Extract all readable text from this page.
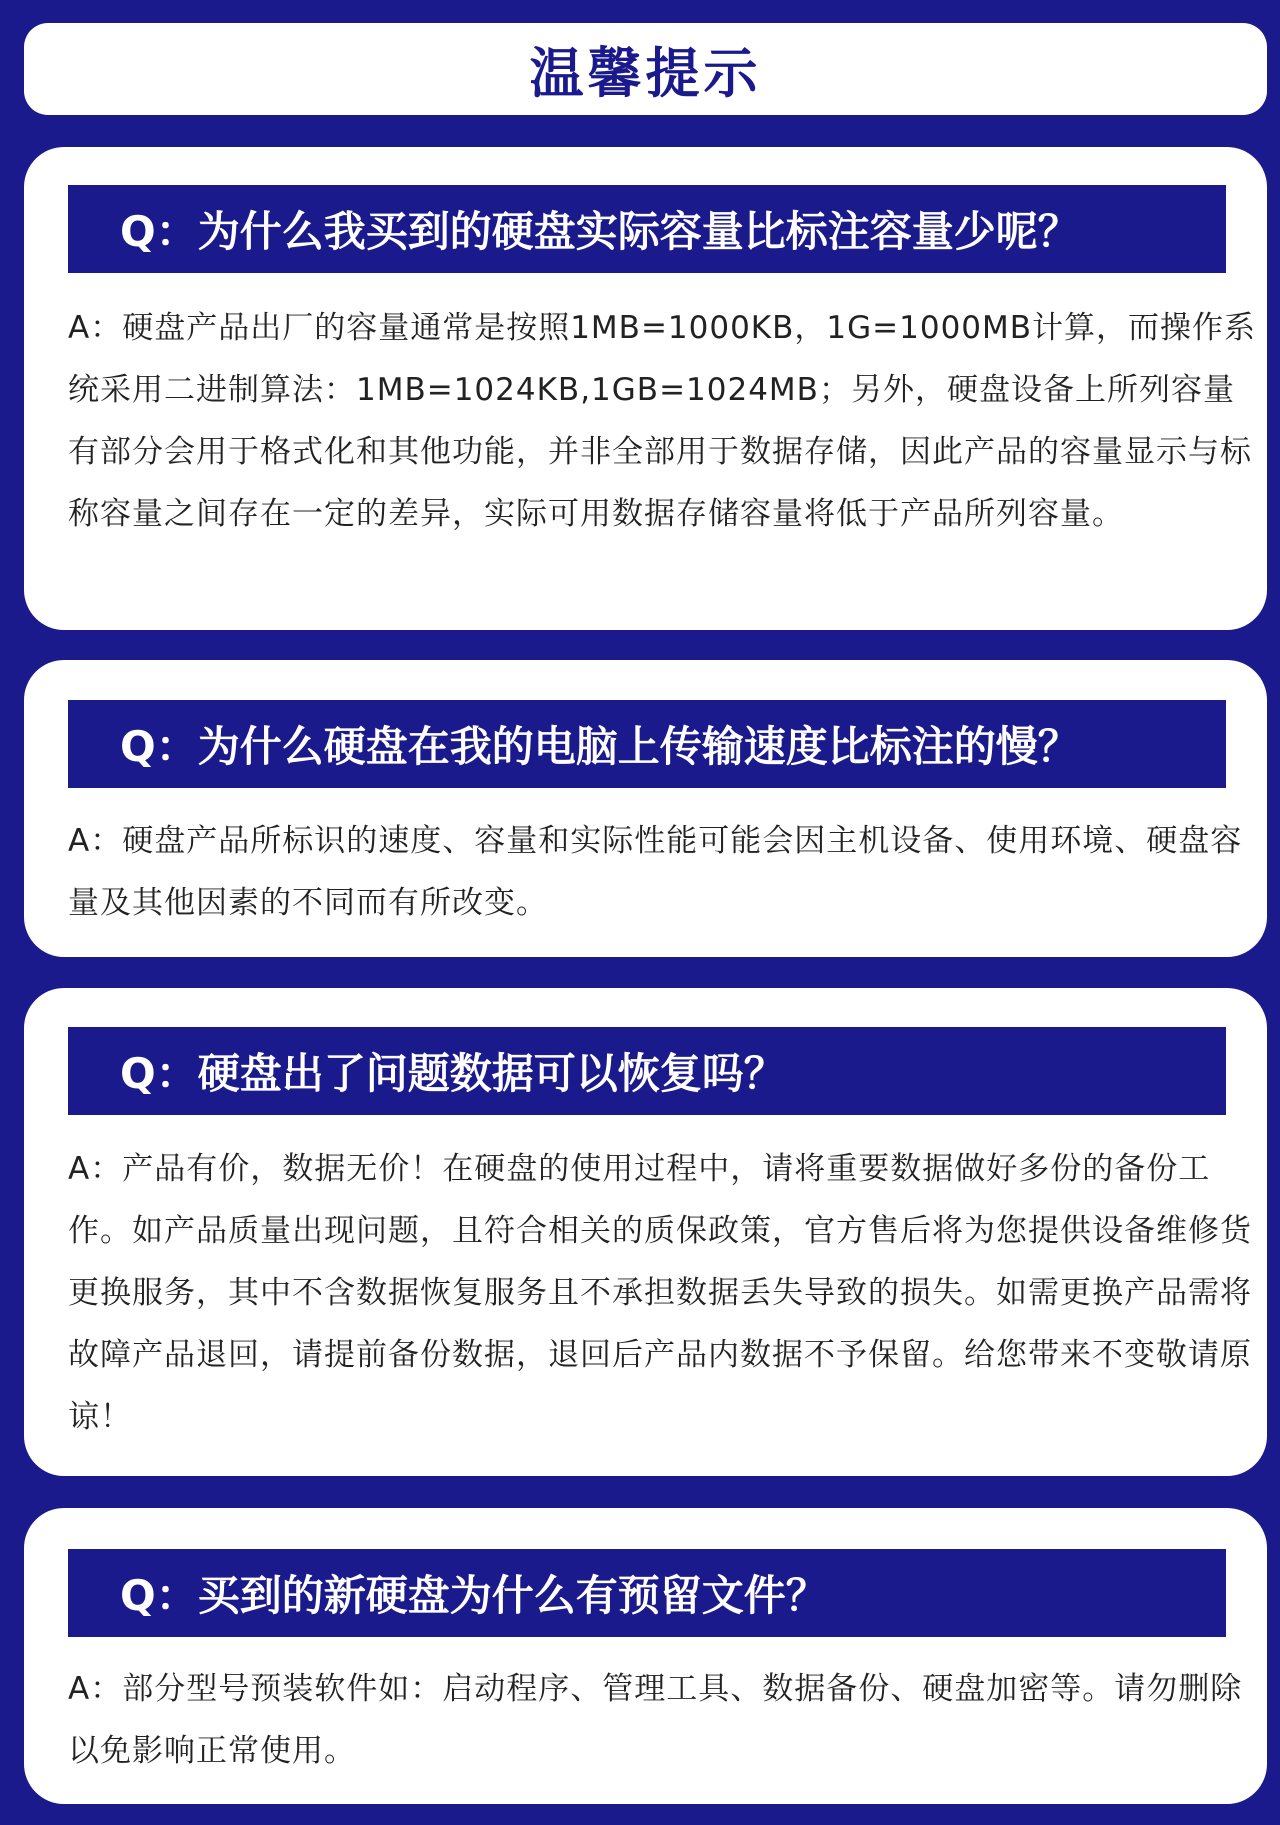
温馨提示
Q：为什么我买到的硬盘实际容量比标注容量少呢？
A：硬盘产品出厂的容量通常是按照1MB=1000KB，1G=1000MB计算，而操作系统采用二进制算法：1MB=1024KB,1GB=1024MB；另外，硬盘设备上所列容量有部分会用于格式化和其他功能，并非全部用于数据存储，因此产品的容量显示与标称容量之间存在一定的差异，实际可用数据存储容量将低于产品所列容量。
Q：为什么硬盘在我的电脑上传输速度比标注的慢？
A：硬盘产品所标识的速度、容量和实际性能可能会因主机设备、使用环境、硬盘容量及其他因素的不同而有所改变。
Q：硬盘出了问题数据可以恢复吗？
A：产品有价，数据无价！在硬盘的使用过程中，请将重要数据做好多份的备份工作。如产品质量出现问题，且符合相关的质保政策，官方售后将为您提供设备维修货更换服务，其中不含数据恢复服务且不承担数据丢失导致的损失。如需更换产品需将故障产品退回，请提前备份数据，退回后产品内数据不予保留。给您带来不变敬请原谅！
Q：买到的新硬盘为什么有预留文件？
A：部分型号预装软件如：启动程序、管理工具、数据备份、硬盘加密等。请勿删除以免影响正常使用。
